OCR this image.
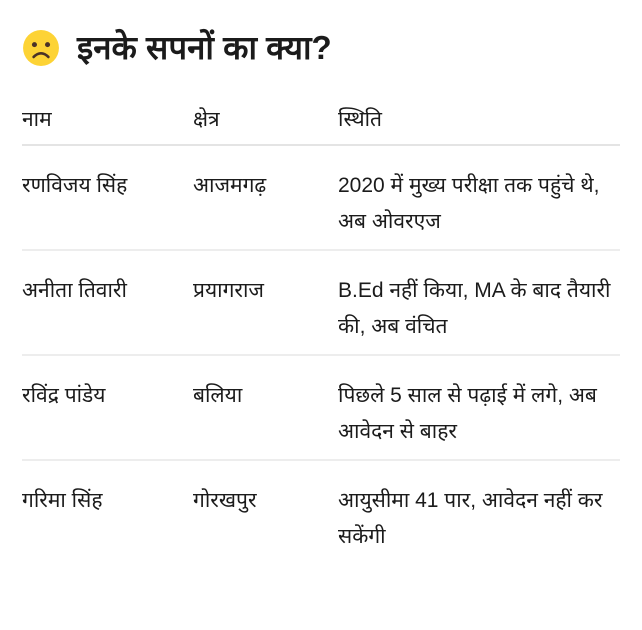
इनके सपनों का क्या?
नाम	क्षेत्र	स्थिति
रणविजय सिंह	आजमगढ़	2020 में मुख्य परीक्षा तक पहुंचे थे, अब ओवरएज
अनीता तिवारी	प्रयागराज	B.Ed नहीं किया, MA के बाद तैयारी की, अब वंचित
रविंद्र पांडेय	बलिया	पिछले 5 साल से पढ़ाई में लगे, अब आवेदन से बाहर
गरिमा सिंह	गोरखपुर	आयुसीमा 41 पार, आवेदन नहीं कर सकेंगी
